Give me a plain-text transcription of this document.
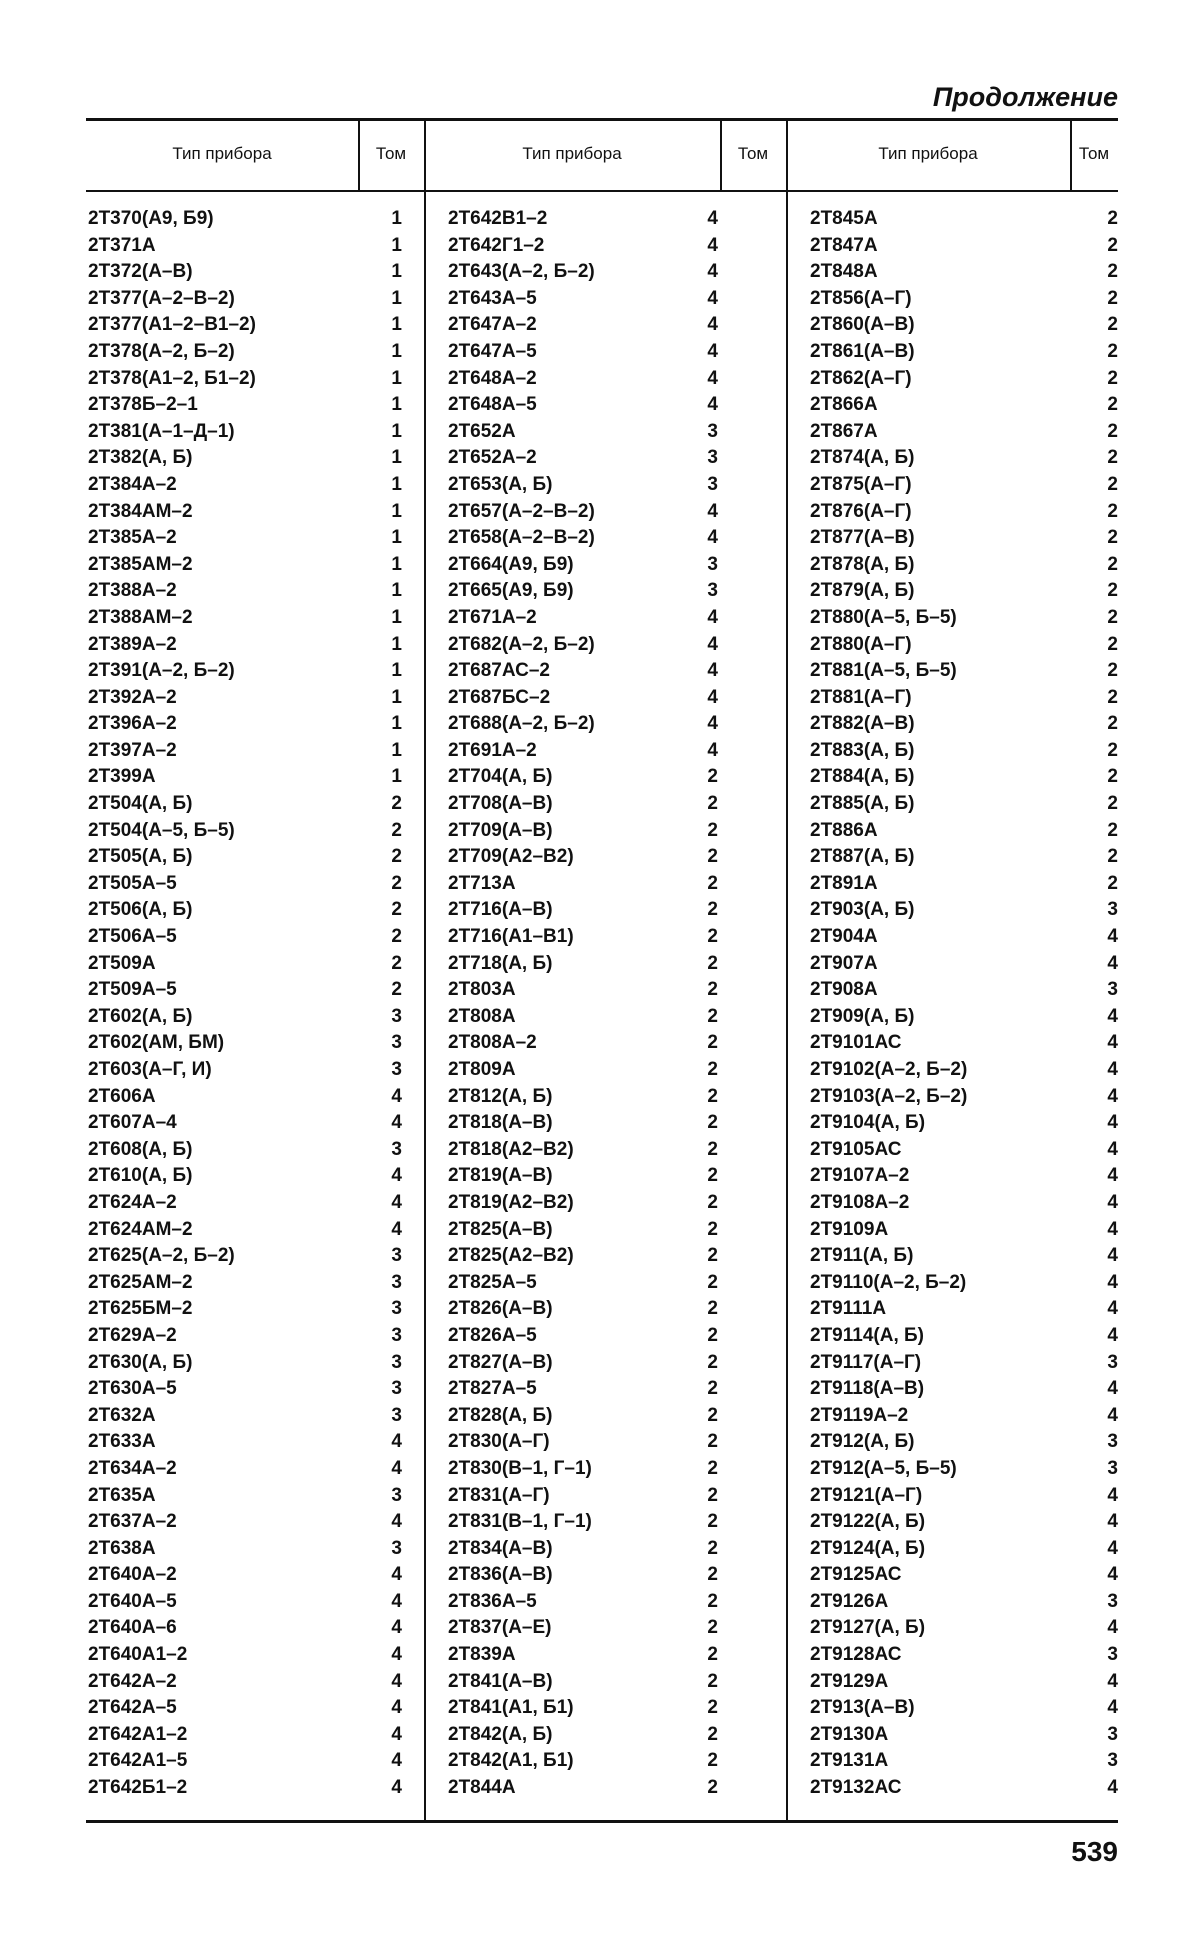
Продолжение
Тип прибора	Том	Тип прибора	Том	Тип прибора	Том
2Т370(А9, Б9)	1
2Т371А	1
2Т372(А–В)	1
2Т377(А–2–В–2)	1
2Т377(А1–2–В1–2)	1
2Т378(А–2, Б–2)	1
2Т378(А1–2, Б1–2)	1
2Т378Б–2–1	1
2Т381(А–1–Д–1)	1
2Т382(А, Б)	1
2Т384А–2	1
2Т384АМ–2	1
2Т385А–2	1
2Т385АМ–2	1
2Т388А–2	1
2Т388АМ–2	1
2Т389А–2	1
2Т391(А–2, Б–2)	1
2Т392А–2	1
2Т396А–2	1
2Т397А–2	1
2Т399А	1
2Т504(А, Б)	2
2Т504(А–5, Б–5)	2
2Т505(А, Б)	2
2Т505А–5	2
2Т506(А, Б)	2
2Т506А–5	2
2Т509А	2
2Т509А–5	2
2Т602(А, Б)	3
2Т602(АМ, БМ)	3
2Т603(А–Г, И)	3
2Т606А	4
2Т607А–4	4
2Т608(А, Б)	3
2Т610(А, Б)	4
2Т624А–2	4
2Т624АМ–2	4
2Т625(А–2, Б–2)	3
2Т625АМ–2	3
2Т625БМ–2	3
2Т629А–2	3
2Т630(А, Б)	3
2Т630А–5	3
2Т632А	3
2Т633А	4
2Т634А–2	4
2Т635А	3
2Т637А–2	4
2Т638А	3
2Т640А–2	4
2Т640А–5	4
2Т640А–6	4
2Т640А1–2	4
2Т642А–2	4
2Т642А–5	4
2Т642А1–2	4
2Т642А1–5	4
2Т642Б1–2	4
2Т642В1–2	4
2Т642Г1–2	4
2Т643(А–2, Б–2)	4
2Т643А–5	4
2Т647А–2	4
2Т647А–5	4
2Т648А–2	4
2Т648А–5	4
2Т652А	3
2Т652А–2	3
2Т653(А, Б)	3
2Т657(А–2–В–2)	4
2Т658(А–2–В–2)	4
2Т664(А9, Б9)	3
2Т665(А9, Б9)	3
2Т671А–2	4
2Т682(А–2, Б–2)	4
2Т687АС–2	4
2Т687БС–2	4
2Т688(А–2, Б–2)	4
2Т691А–2	4
2Т704(А, Б)	2
2Т708(А–В)	2
2Т709(А–В)	2
2Т709(А2–В2)	2
2Т713А	2
2Т716(А–В)	2
2Т716(А1–В1)	2
2Т718(А, Б)	2
2Т803А	2
2Т808А	2
2Т808А–2	2
2Т809А	2
2Т812(А, Б)	2
2Т818(А–В)	2
2Т818(А2–В2)	2
2Т819(А–В)	2
2Т819(А2–В2)	2
2Т825(А–В)	2
2Т825(А2–В2)	2
2Т825А–5	2
2Т826(А–В)	2
2Т826А–5	2
2Т827(А–В)	2
2Т827А–5	2
2Т828(А, Б)	2
2Т830(А–Г)	2
2Т830(В–1, Г–1)	2
2Т831(А–Г)	2
2Т831(В–1, Г–1)	2
2Т834(А–В)	2
2Т836(А–В)	2
2Т836А–5	2
2Т837(А–Е)	2
2Т839А	2
2Т841(А–В)	2
2Т841(А1, Б1)	2
2Т842(А, Б)	2
2Т842(А1, Б1)	2
2Т844А	2
2Т845А	2
2Т847А	2
2Т848А	2
2Т856(А–Г)	2
2Т860(А–В)	2
2Т861(А–В)	2
2Т862(А–Г)	2
2Т866А	2
2Т867А	2
2Т874(А, Б)	2
2Т875(А–Г)	2
2Т876(А–Г)	2
2Т877(А–В)	2
2Т878(А, Б)	2
2Т879(А, Б)	2
2Т880(А–5, Б–5)	2
2Т880(А–Г)	2
2Т881(А–5, Б–5)	2
2Т881(А–Г)	2
2Т882(А–В)	2
2Т883(А, Б)	2
2Т884(А, Б)	2
2Т885(А, Б)	2
2Т886А	2
2Т887(А, Б)	2
2Т891А	2
2Т903(А, Б)	3
2Т904А	4
2Т907А	4
2Т908А	3
2Т909(А, Б)	4
2Т9101АС	4
2Т9102(А–2, Б–2)	4
2Т9103(А–2, Б–2)	4
2Т9104(А, Б)	4
2Т9105АС	4
2Т9107А–2	4
2Т9108А–2	4
2Т9109А	4
2Т911(А, Б)	4
2Т9110(А–2, Б–2)	4
2Т9111А	4
2Т9114(А, Б)	4
2Т9117(А–Г)	3
2Т9118(А–В)	4
2Т9119А–2	4
2Т912(А, Б)	3
2Т912(А–5, Б–5)	3
2Т9121(А–Г)	4
2Т9122(А, Б)	4
2Т9124(А, Б)	4
2Т9125АС	4
2Т9126А	3
2Т9127(А, Б)	4
2Т9128АС	3
2Т9129А	4
2Т913(А–В)	4
2Т9130А	3
2Т9131А	3
2Т9132АС	4
539
